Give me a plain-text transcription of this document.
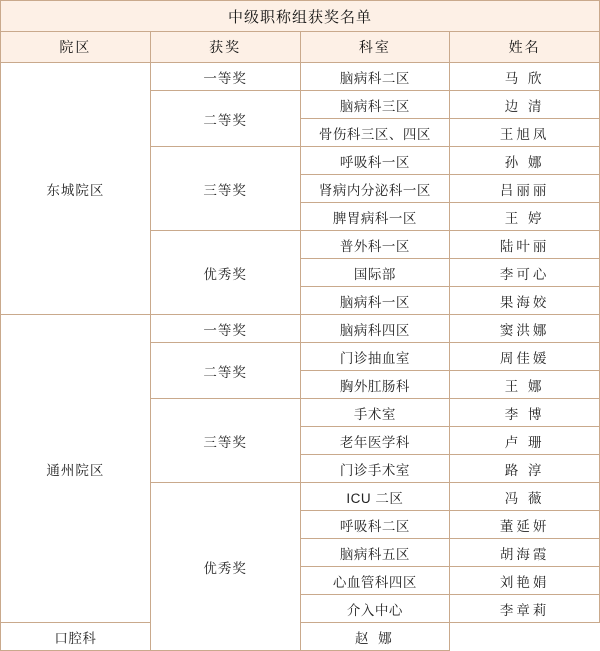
中级职称组获奖名单			
院区	获奖	科室	姓名
东城院区	一等奖	脑病科二区	马 欣
	二等奖	脑病科三区	边 清
		骨伤科三区、四区	王旭凤
	三等奖	呼吸科一区	孙 娜
		肾病内分泌科一区	吕丽丽
		脾胃病科一区	王 婷
	优秀奖	普外科一区	陆叶丽
		国际部	李可心
		脑病科一区	果海姣
通州院区	一等奖	脑病科四区	窦洪娜
	二等奖	门诊抽血室	周佳媛
		胸外肛肠科	王 娜
	三等奖	手术室	李 博
		老年医学科	卢 珊
		门诊手术室	路 淳
	优秀奖	ICU 二区	冯 薇
		呼吸科二区	董延妍
		脑病科五区	胡海霞
		心血管科四区	刘艳娟
		介入中心	李章莉
口腔科		赵 娜	
